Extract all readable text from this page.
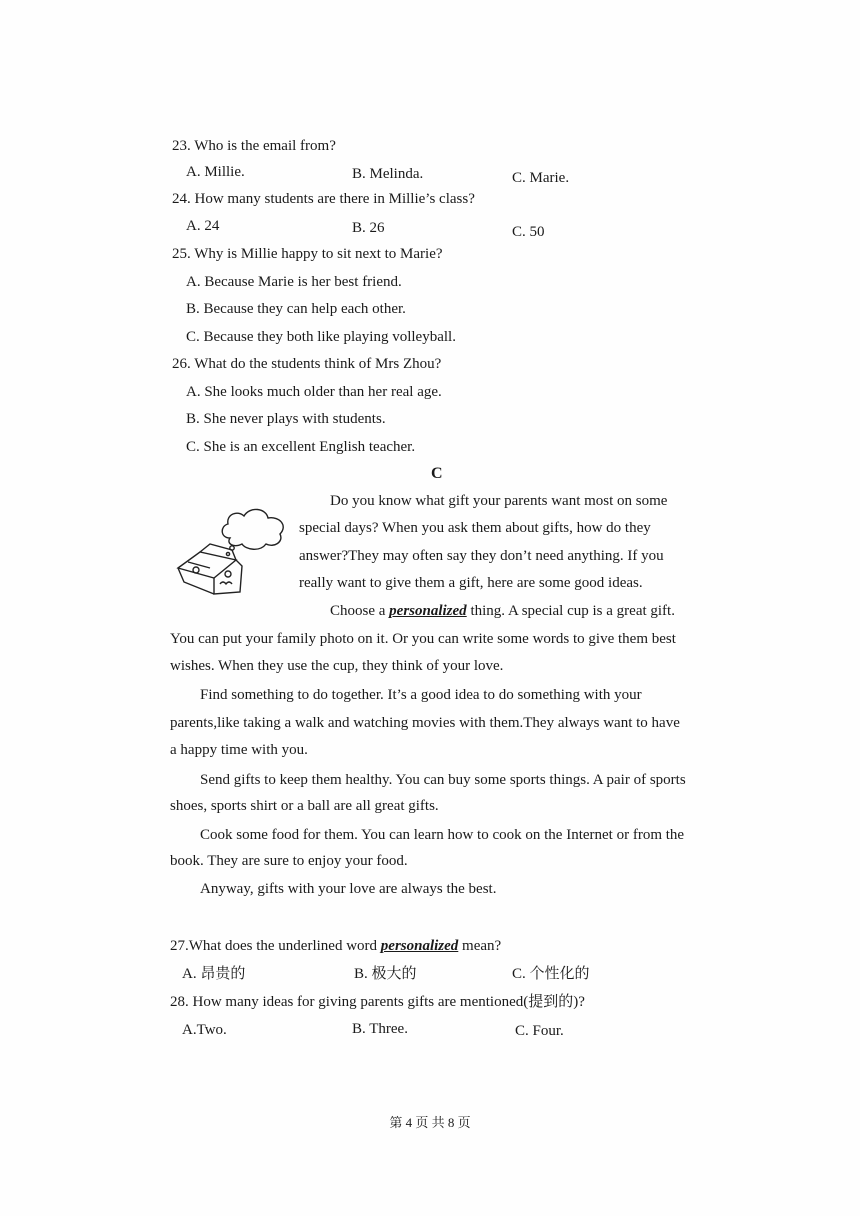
23. Who is the email from?
A. Millie.	B. Melinda.	C. Marie.
24. How many students are there in Millie’s class?
A. 24	B. 26	C. 50
25. Why is Millie happy to sit next to Marie?
A. Because Marie is her best friend.
B. Because they can help each other.
C. Because they both like playing volleyball.
26. What do the students think of Mrs Zhou?
A. She looks much older than her real age.
B. She never plays with students.
C. She is an excellent English teacher.
C
Do you know what gift your parents want most on some
special days? When you ask them about gifts, how do they
answer?They may often say they don’t need anything. If you
really want to give them a gift, here are some good ideas.
Choose a personalized thing. A special cup is a great gift.
You can put your family photo on it. Or you can write some words to give them best
wishes. When they use the cup, they think of your love.
Find something to do together. It’s a good idea to do something with your
parents,like taking a walk and watching movies with them.They always want to have
a happy time with you.
Send gifts to keep them healthy. You can buy some sports things. A pair of sports
shoes, sports shirt or a ball are all great gifts.
Cook some food for them. You can learn how to cook on the Internet or from the
book. They are sure to enjoy your food.
Anyway, gifts with your love are always the best.
27.What does the underlined word personalized mean?
A. 昂贵的	B. 极大的	C. 个性化的
28. How many ideas for giving parents gifts are mentioned(提到的)?
A.Two.	B. Three.	C. Four.
第 4 页 共 8 页
